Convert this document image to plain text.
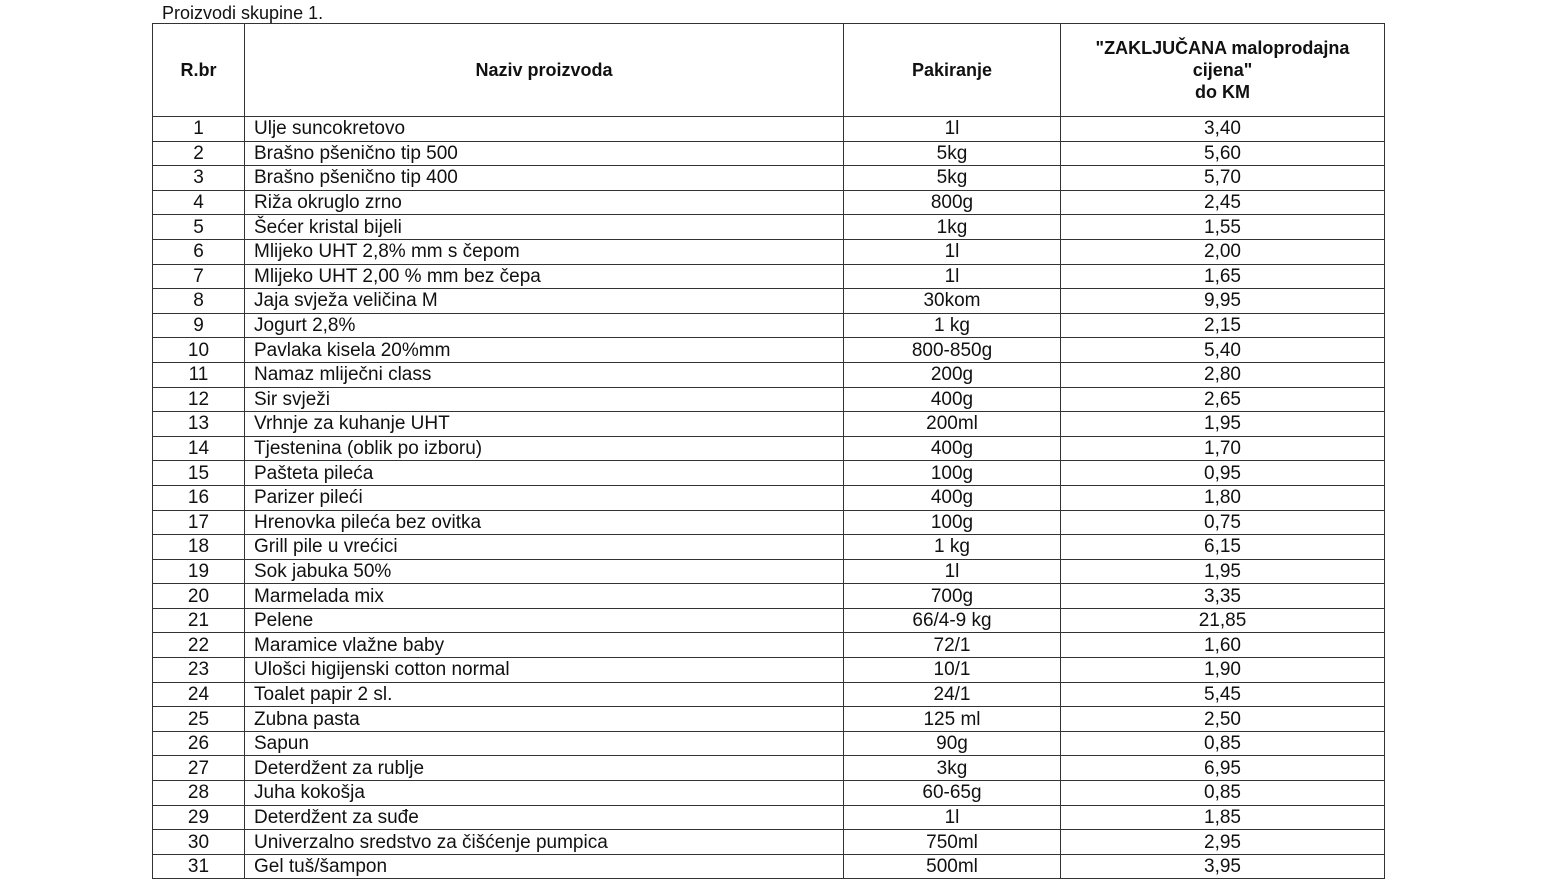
Proizvodi skupine 1.
R.br	Naziv proizvoda	Pakiranje	"ZAKLJUČANA maloprodajna cijena"
do KM
1	Ulje suncokretovo	1l	3,40
2	Brašno pšenično tip 500	5kg	5,60
3	Brašno pšenično tip 400	5kg	5,70
4	Riža okruglo zrno	800g	2,45
5	Šećer kristal bijeli	1kg	1,55
6	Mlijeko UHT 2,8% mm s čepom	1l	2,00
7	Mlijeko UHT 2,00 % mm bez čepa	1l	1,65
8	Jaja svježa veličina M	30kom	9,95
9	Jogurt 2,8%	1 kg	2,15
10	Pavlaka kisela 20%mm	800-850g	5,40
11	Namaz mliječni class	200g	2,80
12	Sir svježi	400g	2,65
13	Vrhnje za kuhanje UHT	200ml	1,95
14	Tjestenina (oblik po izboru)	400g	1,70
15	Pašteta pileća	100g	0,95
16	Parizer pileći	400g	1,80
17	Hrenovka pileća bez ovitka	100g	0,75
18	Grill pile u vrećici	1 kg	6,15
19	Sok jabuka 50%	1l	1,95
20	Marmelada mix	700g	3,35
21	Pelene	66/4-9 kg	21,85
22	Maramice vlažne baby	72/1	1,60
23	Ulošci higijenski cotton normal	10/1	1,90
24	Toalet papir 2 sl.	24/1	5,45
25	Zubna pasta	125 ml	2,50
26	Sapun	90g	0,85
27	Deterdžent za rublje	3kg	6,95
28	Juha kokošja	60-65g	0,85
29	Deterdžent za suđe	1l	1,85
30	Univerzalno sredstvo za čišćenje pumpica	750ml	2,95
31	Gel tuš/šampon	500ml	3,95
